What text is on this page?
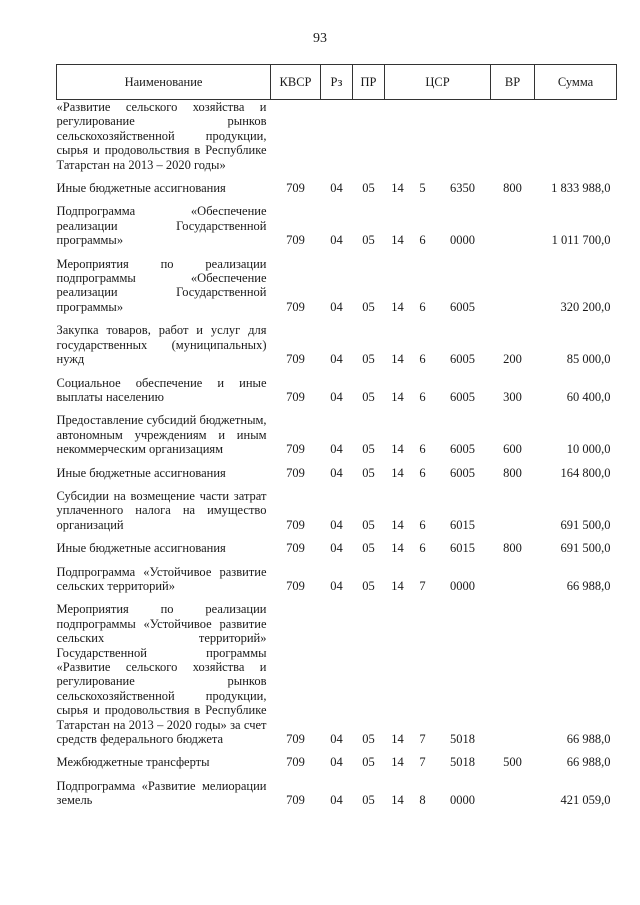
93
Наименование	КВСР	Рз	ПР	ЦСР			ВР	Сумма
«Развитие сельского хозяйства и регулирование рынков сельскохозяйственной продукции, сырья и продовольствия в Республике Татарстан на 2013 – 2020 годы»								
Иные бюджетные ассигнования	709	04	05	14	5	6350	800	1 833 988,0
Подпрограмма «Обеспечение реализации Государственной программы»	709	04	05	14	6	0000		1 011 700,0
Мероприятия по реализации подпрограммы «Обеспечение реализации Государственной программы»	709	04	05	14	6	6005		320 200,0
Закупка товаров, работ и услуг для государственных (муниципальных) нужд	709	04	05	14	6	6005	200	85 000,0
Социальное обеспечение и иные выплаты населению	709	04	05	14	6	6005	300	60 400,0
Предоставление субсидий бюджетным, автономным учреждениям и иным некоммерческим организациям	709	04	05	14	6	6005	600	10 000,0
Иные бюджетные ассигнования	709	04	05	14	6	6005	800	164 800,0
Субсидии на возмещение части затрат уплаченного налога на имущество организаций	709	04	05	14	6	6015		691 500,0
Иные бюджетные ассигнования	709	04	05	14	6	6015	800	691 500,0
Подпрограмма «Устойчивое развитие сельских территорий»	709	04	05	14	7	0000		66 988,0
Мероприятия по реализации подпрограммы «Устойчивое развитие сельских территорий» Государственной программы «Развитие сельского хозяйства и регулирование рынков сельскохозяйственной продукции, сырья и продовольствия в Республике Татарстан на 2013 – 2020 годы» за счет средств федерального бюджета	709	04	05	14	7	5018		66 988,0
Межбюджетные трансферты	709	04	05	14	7	5018	500	66 988,0
Подпрограмма «Развитие мелиорации земель	709	04	05	14	8	0000		421 059,0
